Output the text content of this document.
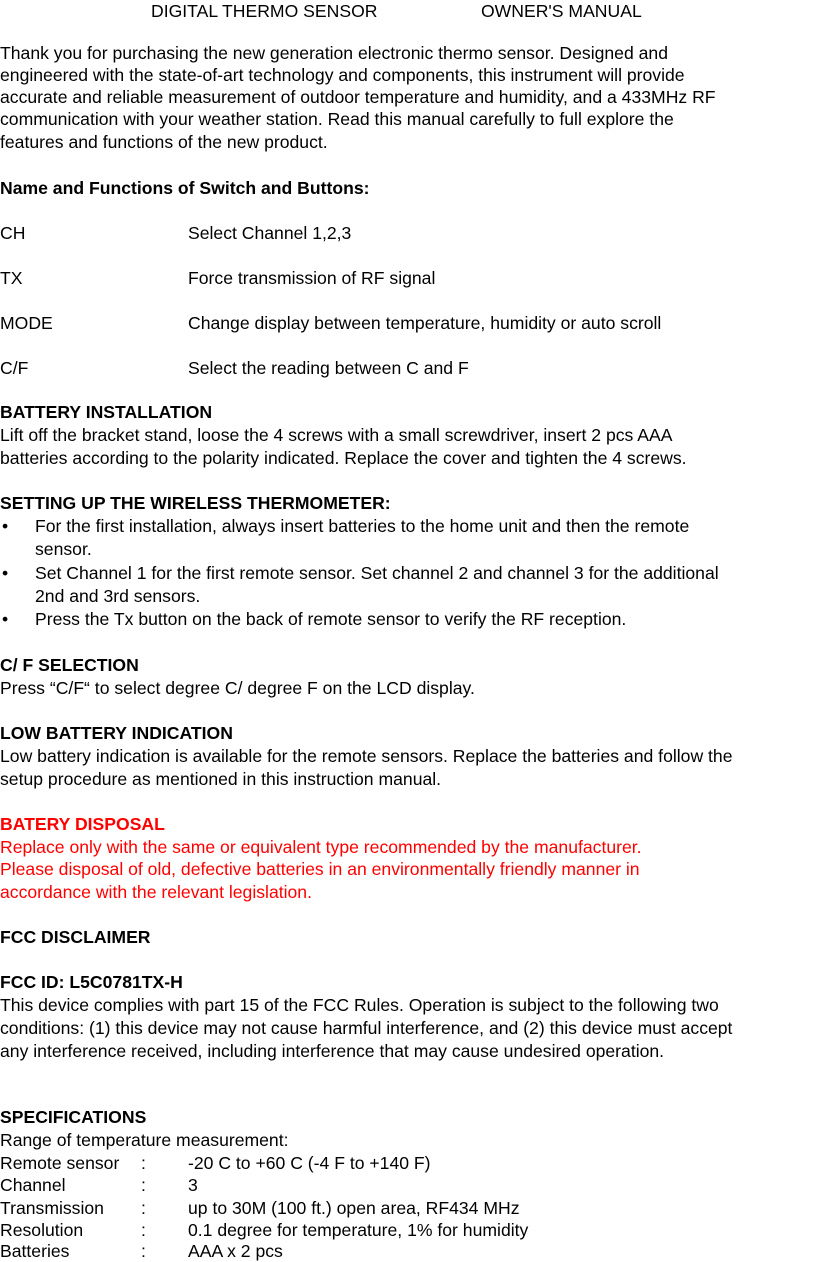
DIGITAL THERMO SENSOR	OWNER'S MANUAL
Thank you for purchasing the new generation electronic thermo sensor. Designed and
engineered with the state-of-art technology and components, this instrument will provide
accurate and reliable measurement of outdoor temperature and humidity, and a 433MHz RF
communication with your weather station. Read this manual carefully to full explore the
features and functions of the new product.
Name and Functions of Switch and Buttons:
CH	Select Channel 1,2,3
TX	Force transmission of RF signal
MODE	Change display between temperature, humidity or auto scroll
C/F	Select the reading between C and F
BATTERY INSTALLATION
Lift off the bracket stand, loose the 4 screws with a small screwdriver, insert 2 pcs AAA
batteries according to the polarity indicated. Replace the cover and tighten the 4 screws.
SETTING UP THE WIRELESS THERMOMETER:
• For the first installation, always insert batteries to the home unit and then the remote
sensor.
• Set Channel 1 for the first remote sensor. Set channel 2 and channel 3 for the additional
2nd and 3rd sensors.
• Press the Tx button on the back of remote sensor to verify the RF reception.
C/ F SELECTION
Press “C/F“ to select degree C/ degree F on the LCD display.
LOW BATTERY INDICATION
Low battery indication is available for the remote sensors. Replace the batteries and follow the
setup procedure as mentioned in this instruction manual.
BATERY DISPOSAL
Replace only with the same or equivalent type recommended by the manufacturer.
Please disposal of old, defective batteries in an environmentally friendly manner in
accordance with the relevant legislation.
FCC DISCLAIMER
FCC ID: L5C0781TX-H
This device complies with part 15 of the FCC Rules. Operation is subject to the following two
conditions: (1) this device may not cause harmful interference, and (2) this device must accept
any interference received, including interference that may cause undesired operation.
SPECIFICATIONS
Range of temperature measurement:
Remote sensor : -20 C to +60 C (-4 F to +140 F)
Channel	: 3
Transmission : up to 30M (100 ft.) open area, RF434 MHz
Resolution	: 0.1 degree for temperature, 1% for humidity
Batteries	: AAA x 2 pcs
